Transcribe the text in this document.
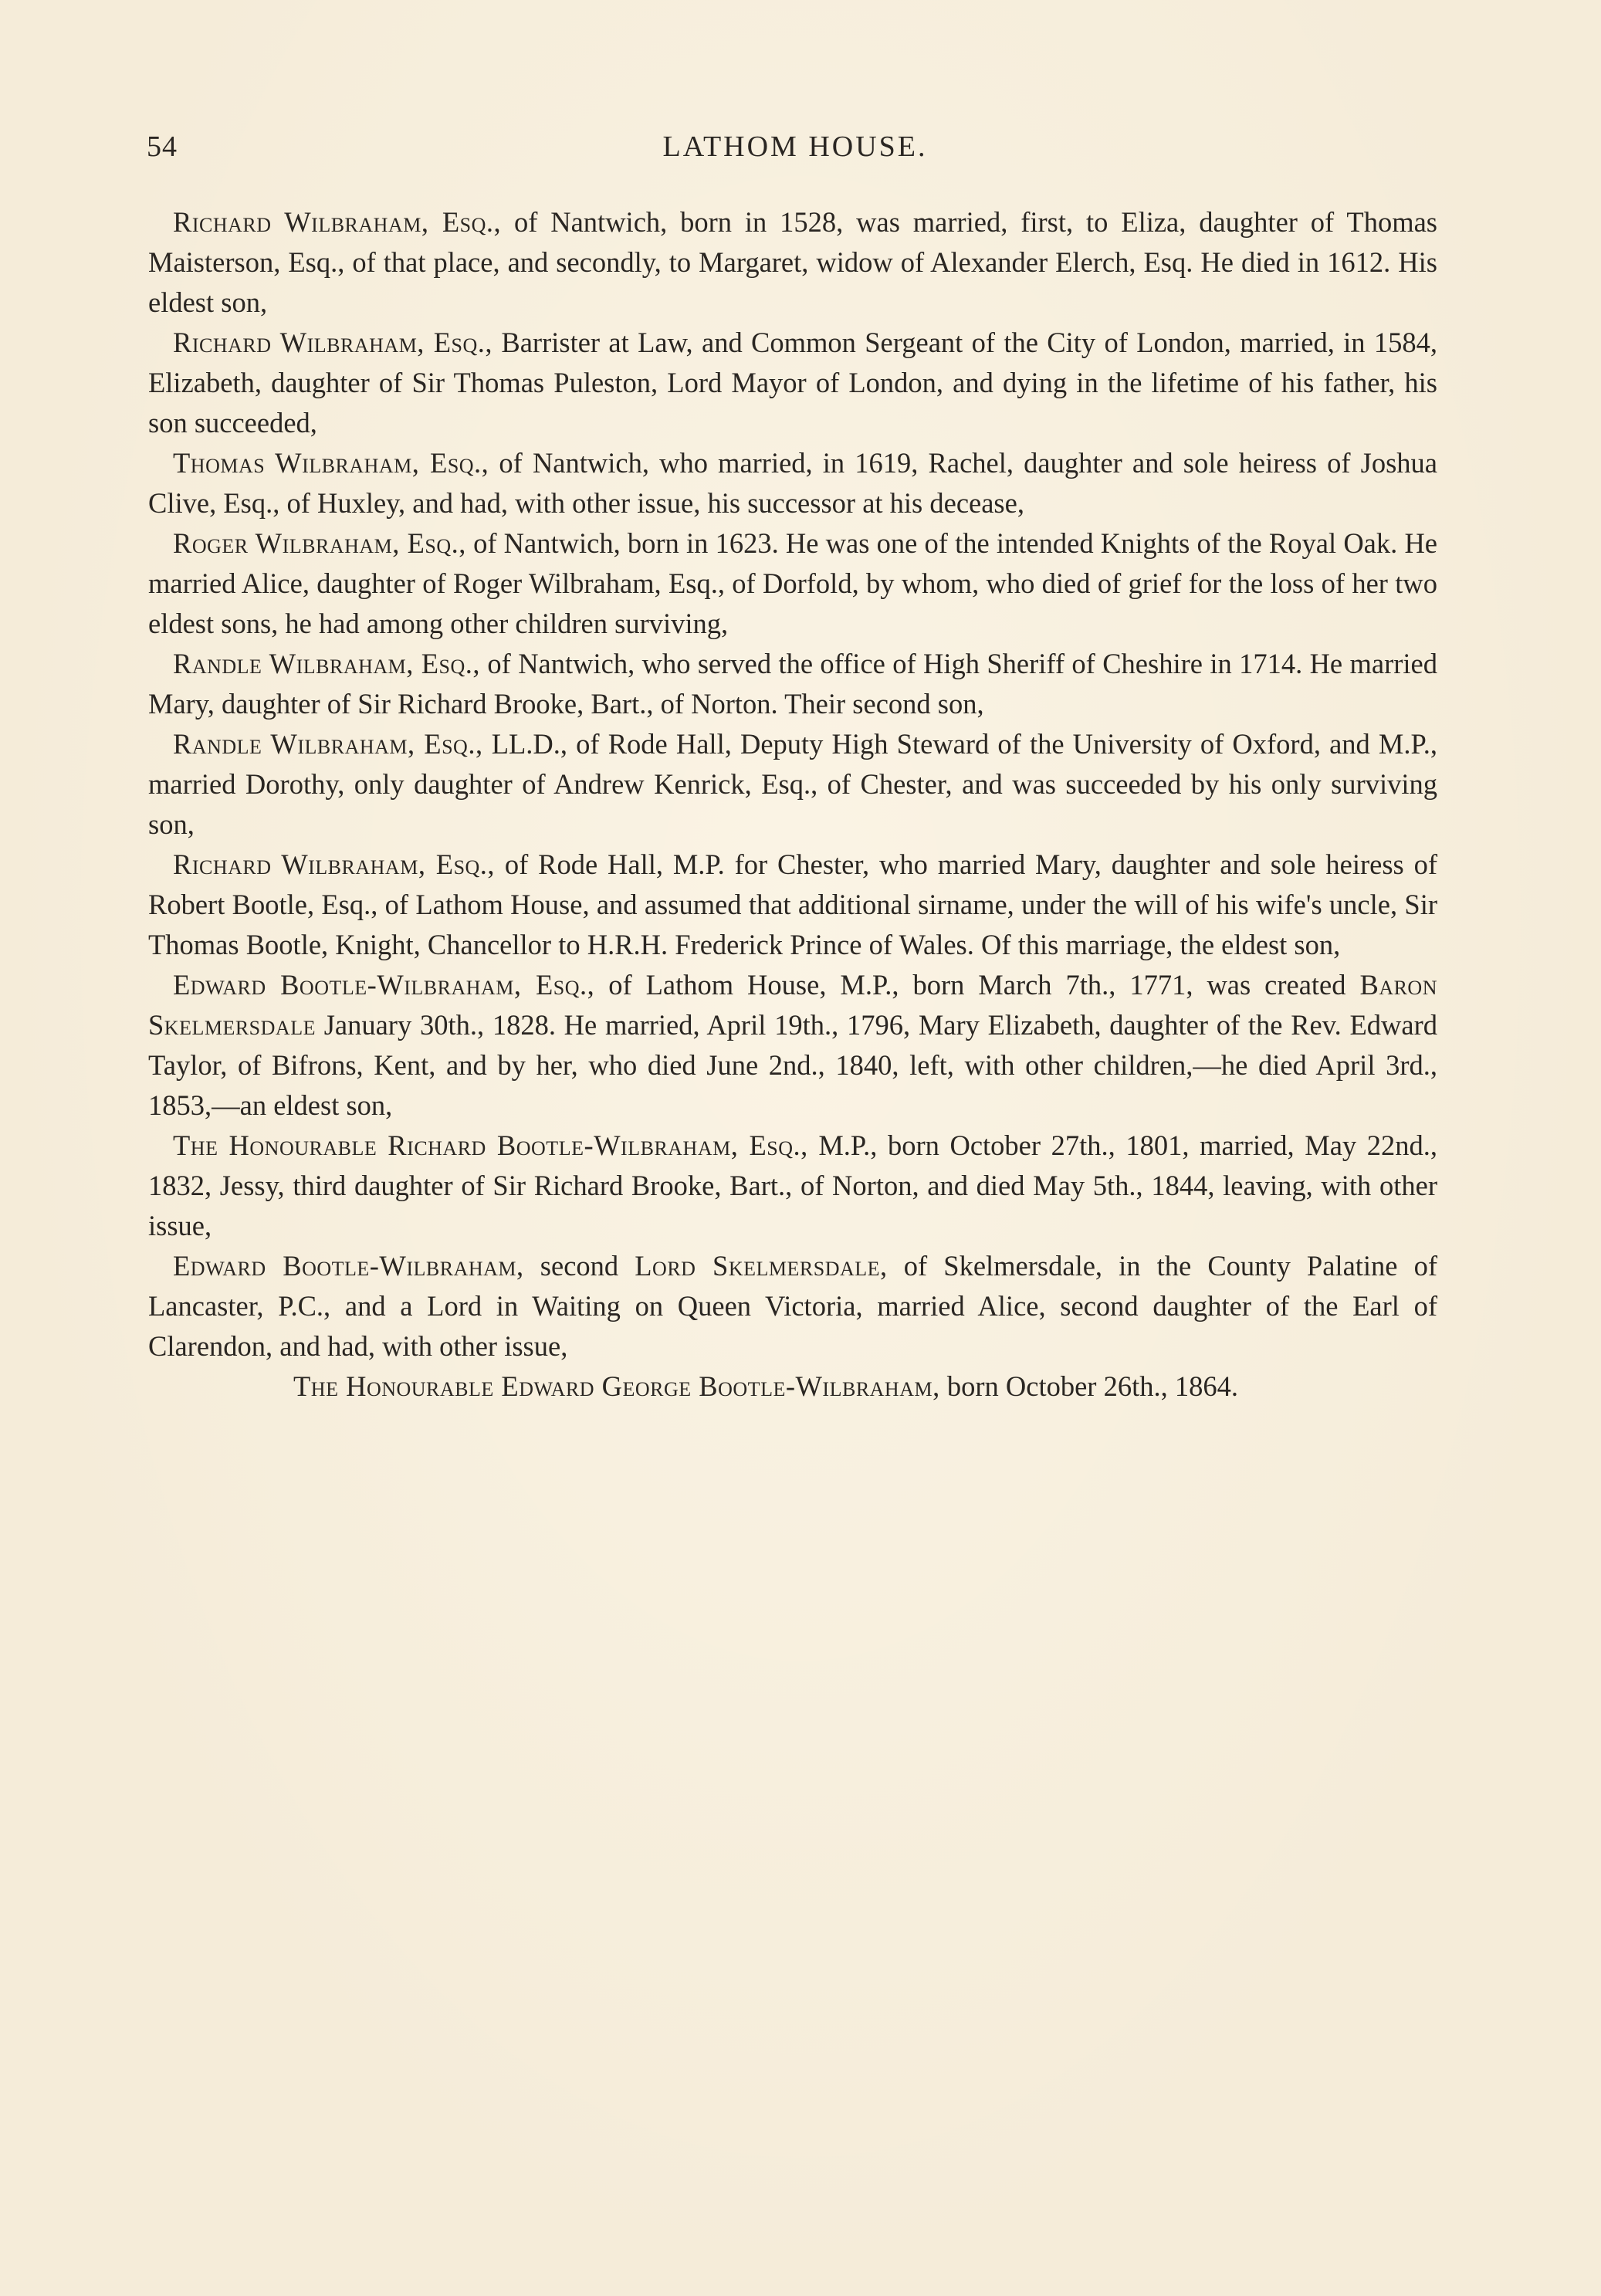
54	LATHOM HOUSE.

Richard Wilbraham, Esq., of Nantwich, born in 1528, was married, first, to Eliza, daughter of Thomas Maisterson, Esq., of that place, and secondly, to Margaret, widow of Alexander Elerch, Esq. He died in 1612. His eldest son,

Richard Wilbraham, Esq., Barrister at Law, and Common Sergeant of the City of London, married, in 1584, Elizabeth, daughter of Sir Thomas Puleston, Lord Mayor of London, and dying in the lifetime of his father, his son succeeded,

Thomas Wilbraham, Esq., of Nantwich, who married, in 1619, Rachel, daughter and sole heiress of Joshua Clive, Esq., of Huxley, and had, with other issue, his successor at his decease,

Roger Wilbraham, Esq., of Nantwich, born in 1623. He was one of the intended Knights of the Royal Oak. He married Alice, daughter of Roger Wilbraham, Esq., of Dorfold, by whom, who died of grief for the loss of her two eldest sons, he had among other children surviving,

Randle Wilbraham, Esq., of Nantwich, who served the office of High Sheriff of Cheshire in 1714. He married Mary, daughter of Sir Richard Brooke, Bart., of Norton. Their second son,

Randle Wilbraham, Esq., LL.D., of Rode Hall, Deputy High Steward of the University of Oxford, and M.P., married Dorothy, only daughter of Andrew Kenrick, Esq., of Chester, and was succeeded by his only surviving son,

Richard Wilbraham, Esq., of Rode Hall, M.P. for Chester, who married Mary, daughter and sole heiress of Robert Bootle, Esq., of Lathom House, and assumed that additional sirname, under the will of his wife's uncle, Sir Thomas Bootle, Knight, Chancellor to H.R.H. Frederick Prince of Wales. Of this marriage, the eldest son,

Edward Bootle-Wilbraham, Esq., of Lathom House, M.P., born March 7th., 1771, was created Baron Skelmersdale January 30th., 1828. He married, April 19th., 1796, Mary Elizabeth, daughter of the Rev. Edward Taylor, of Bifrons, Kent, and by her, who died June 2nd., 1840, left, with other children,—he died April 3rd., 1853,—an eldest son,

The Honourable Richard Bootle-Wilbraham, Esq., M.P., born October 27th., 1801, married, May 22nd., 1832, Jessy, third daughter of Sir Richard Brooke, Bart., of Norton, and died May 5th., 1844, leaving, with other issue,

Edward Bootle-Wilbraham, second Lord Skelmersdale, of Skelmersdale, in the County Palatine of Lancaster, P.C., and a Lord in Waiting on Queen Victoria, married Alice, second daughter of the Earl of Clarendon, and had, with other issue,

The Honourable Edward George Bootle-Wilbraham, born October 26th., 1864.
